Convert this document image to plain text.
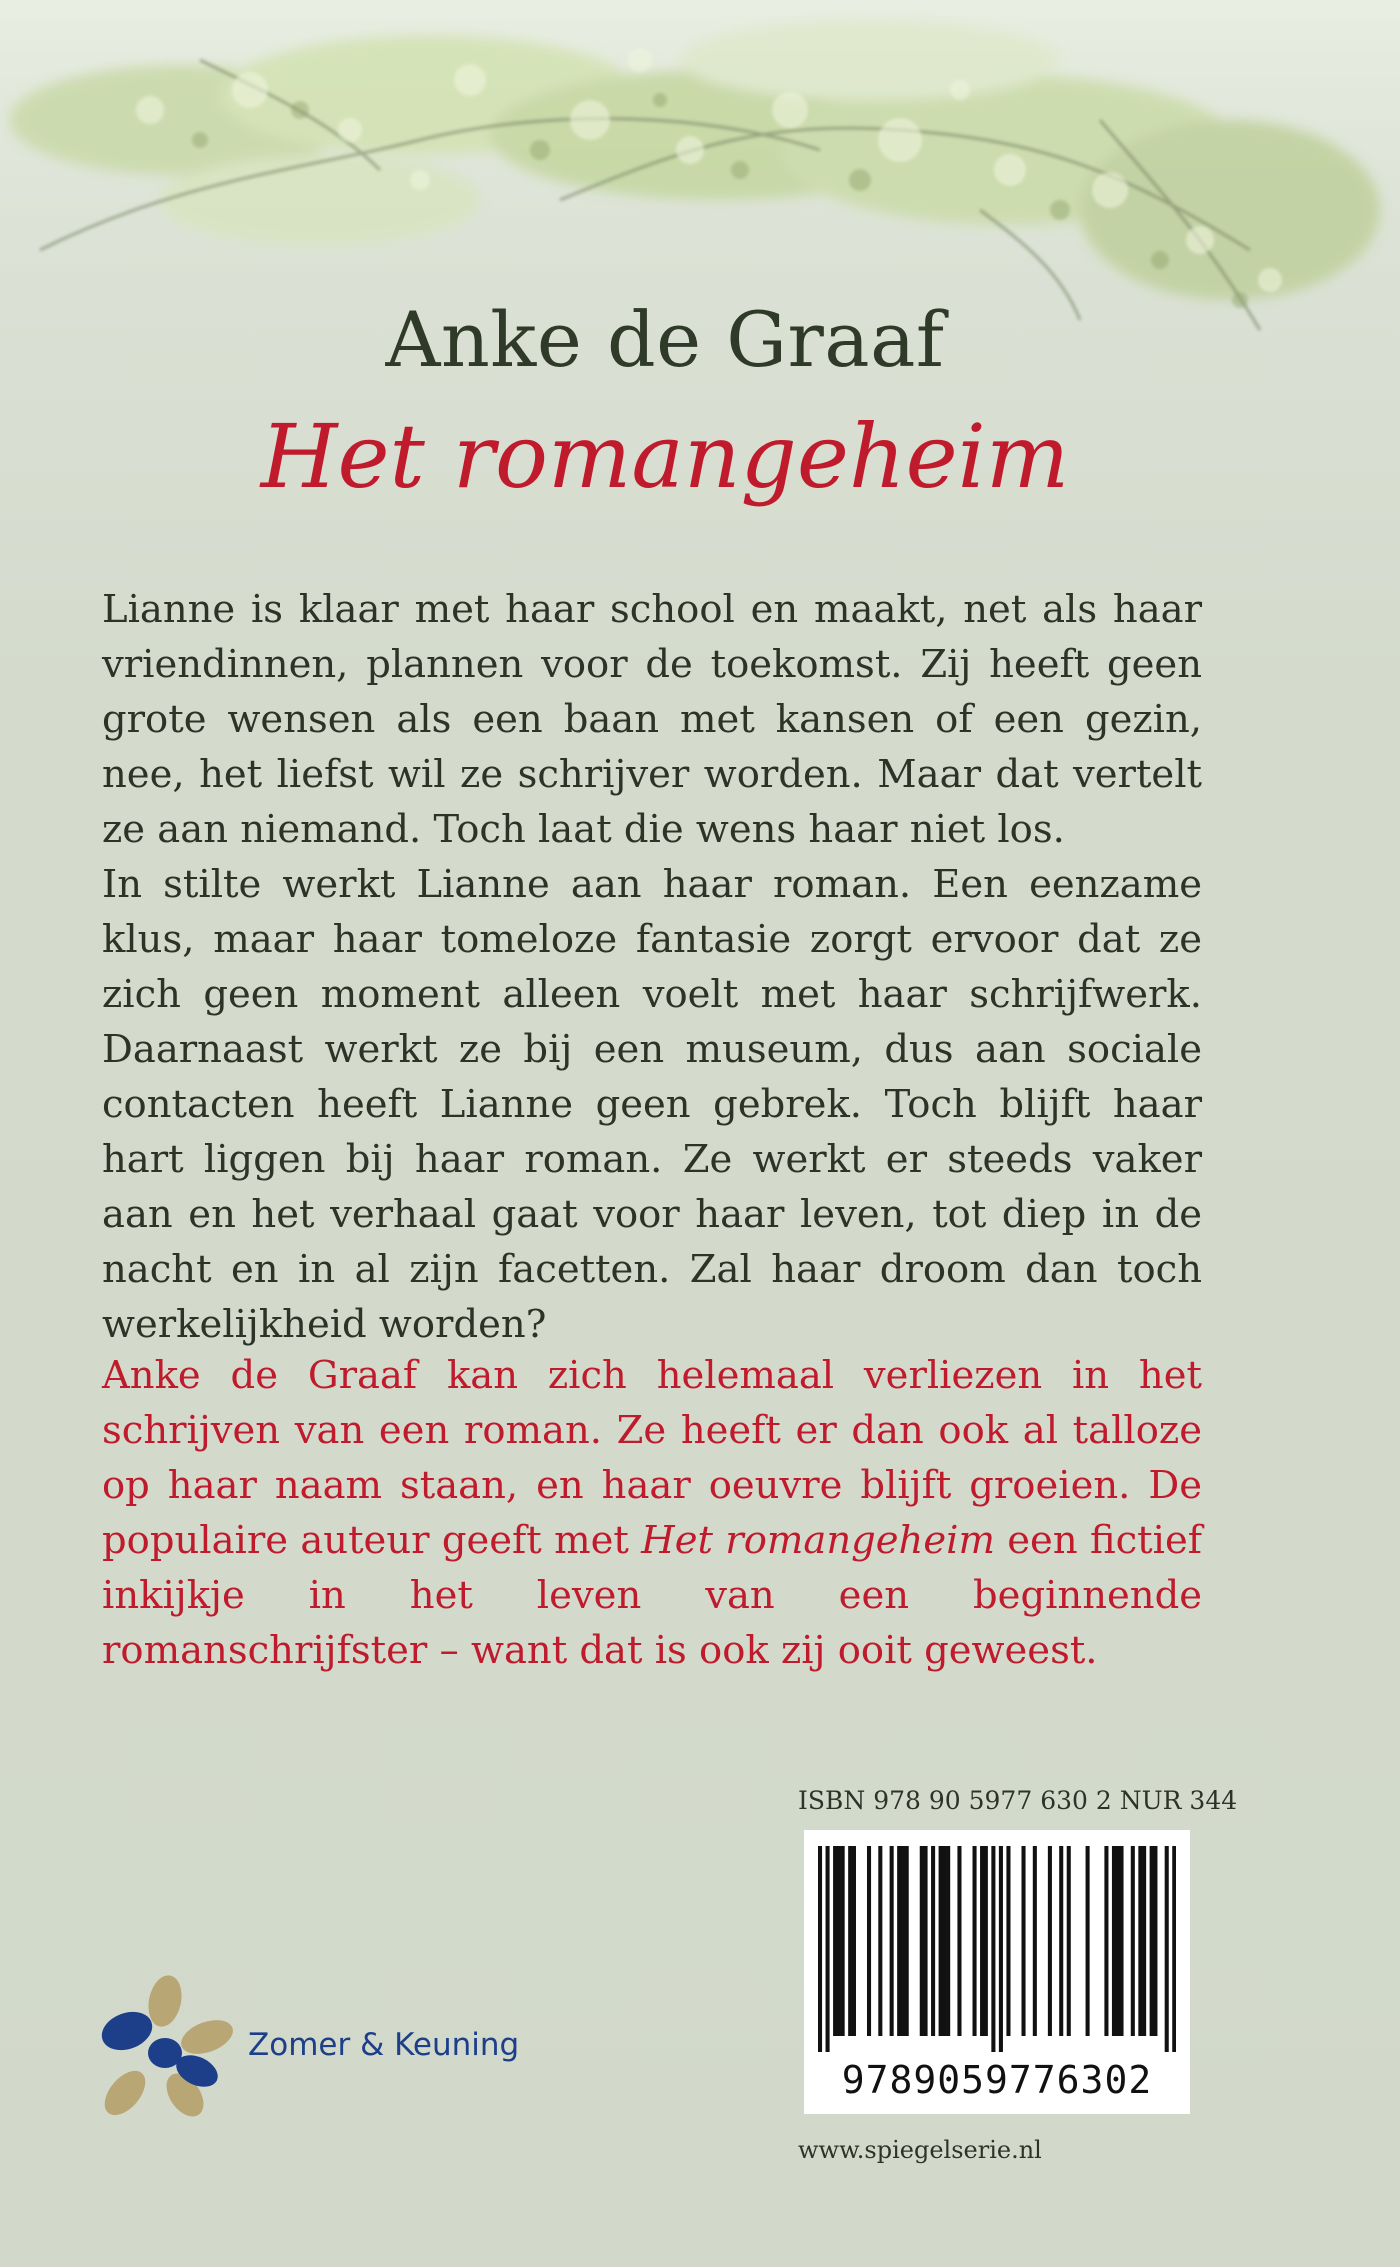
Anke de Graaf
Het romangeheim

Lianne is klaar met haar school en maakt, net als haar vriendinnen, plannen voor de toekomst. Zij heeft geen grote wensen als een baan met kansen of een gezin, nee, het liefst wil ze schrijver worden. Maar dat vertelt ze aan niemand. Toch laat die wens haar niet los.

In stilte werkt Lianne aan haar roman. Een eenzame klus, maar haar tomeloze fantasie zorgt ervoor dat ze zich geen moment alleen voelt met haar schrijfwerk. Daarnaast werkt ze bij een museum, dus aan sociale contacten heeft Lianne geen gebrek. Toch blijft haar hart liggen bij haar roman. Ze werkt er steeds vaker aan en het verhaal gaat voor haar leven, tot diep in de nacht en in al zijn facetten. Zal haar droom dan toch werkelijkheid worden?

Anke de Graaf kan zich helemaal verliezen in het schrijven van een roman. Ze heeft er dan ook al talloze op haar naam staan, en haar oeuvre blijft groeien. De populaire auteur geeft met Het romangeheim een fictief inkijkje in het leven van een beginnende romanschrijfster – want dat is ook zij ooit geweest.

ISBN 978 90 5977 630 2 NUR 344
9789059776302
www.spiegelserie.nl
Zomer & Keuning
